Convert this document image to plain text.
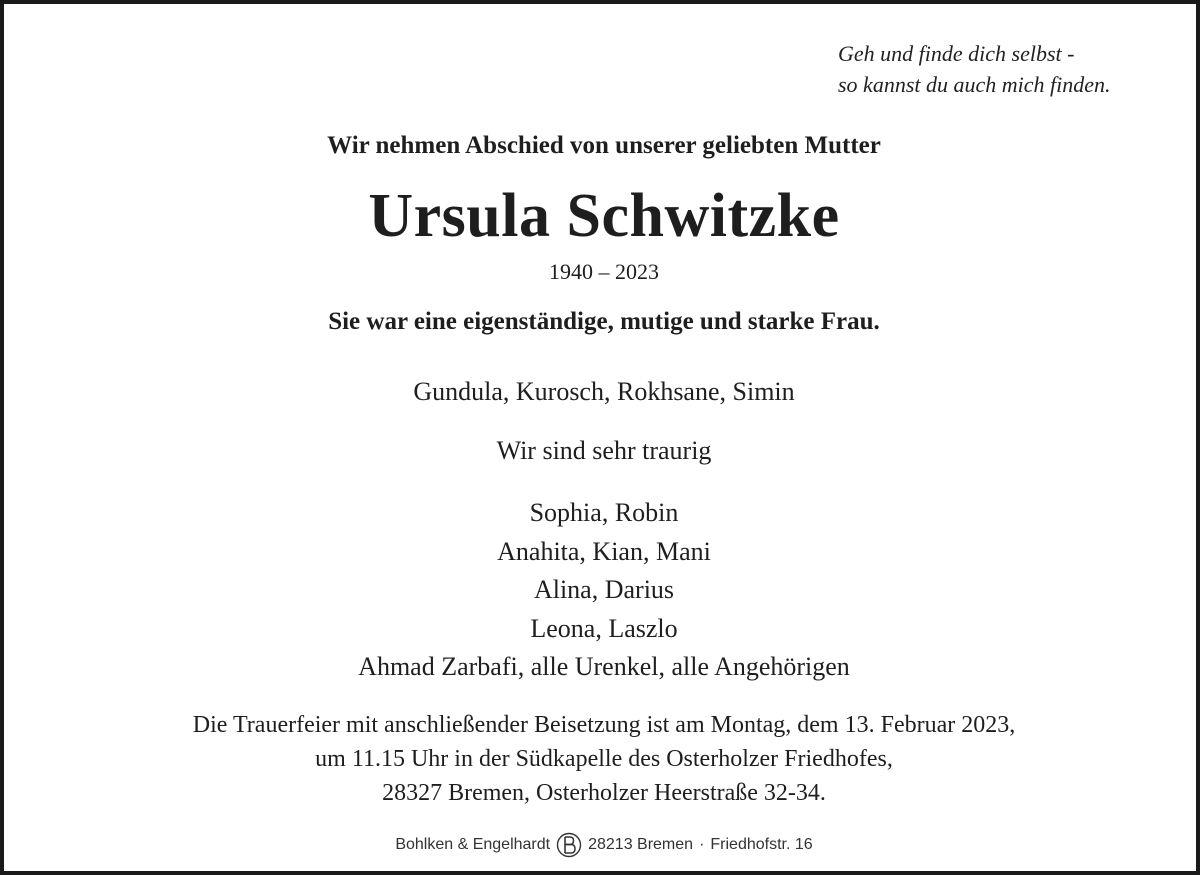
Geh und finde dich selbst -
so kannst du auch mich finden.
Wir nehmen Abschied von unserer geliebten Mutter
Ursula Schwitzke
1940 – 2023
Sie war eine eigenständige, mutige und starke Frau.
Gundula, Kurosch, Rokhsane, Simin
Wir sind sehr traurig
Sophia, Robin
Anahita, Kian, Mani
Alina, Darius
Leona, Laszlo
Ahmad Zarbafi, alle Urenkel, alle Angehörigen
Die Trauerfeier mit anschließender Beisetzung ist am Montag, dem 13. Februar 2023,
um 11.15 Uhr in der Südkapelle des Osterholzer Friedhofes,
28327 Bremen, Osterholzer Heerstraße 32-34.
Bohlken & Engelhardt 28213 Bremen · Friedhofstr. 16
